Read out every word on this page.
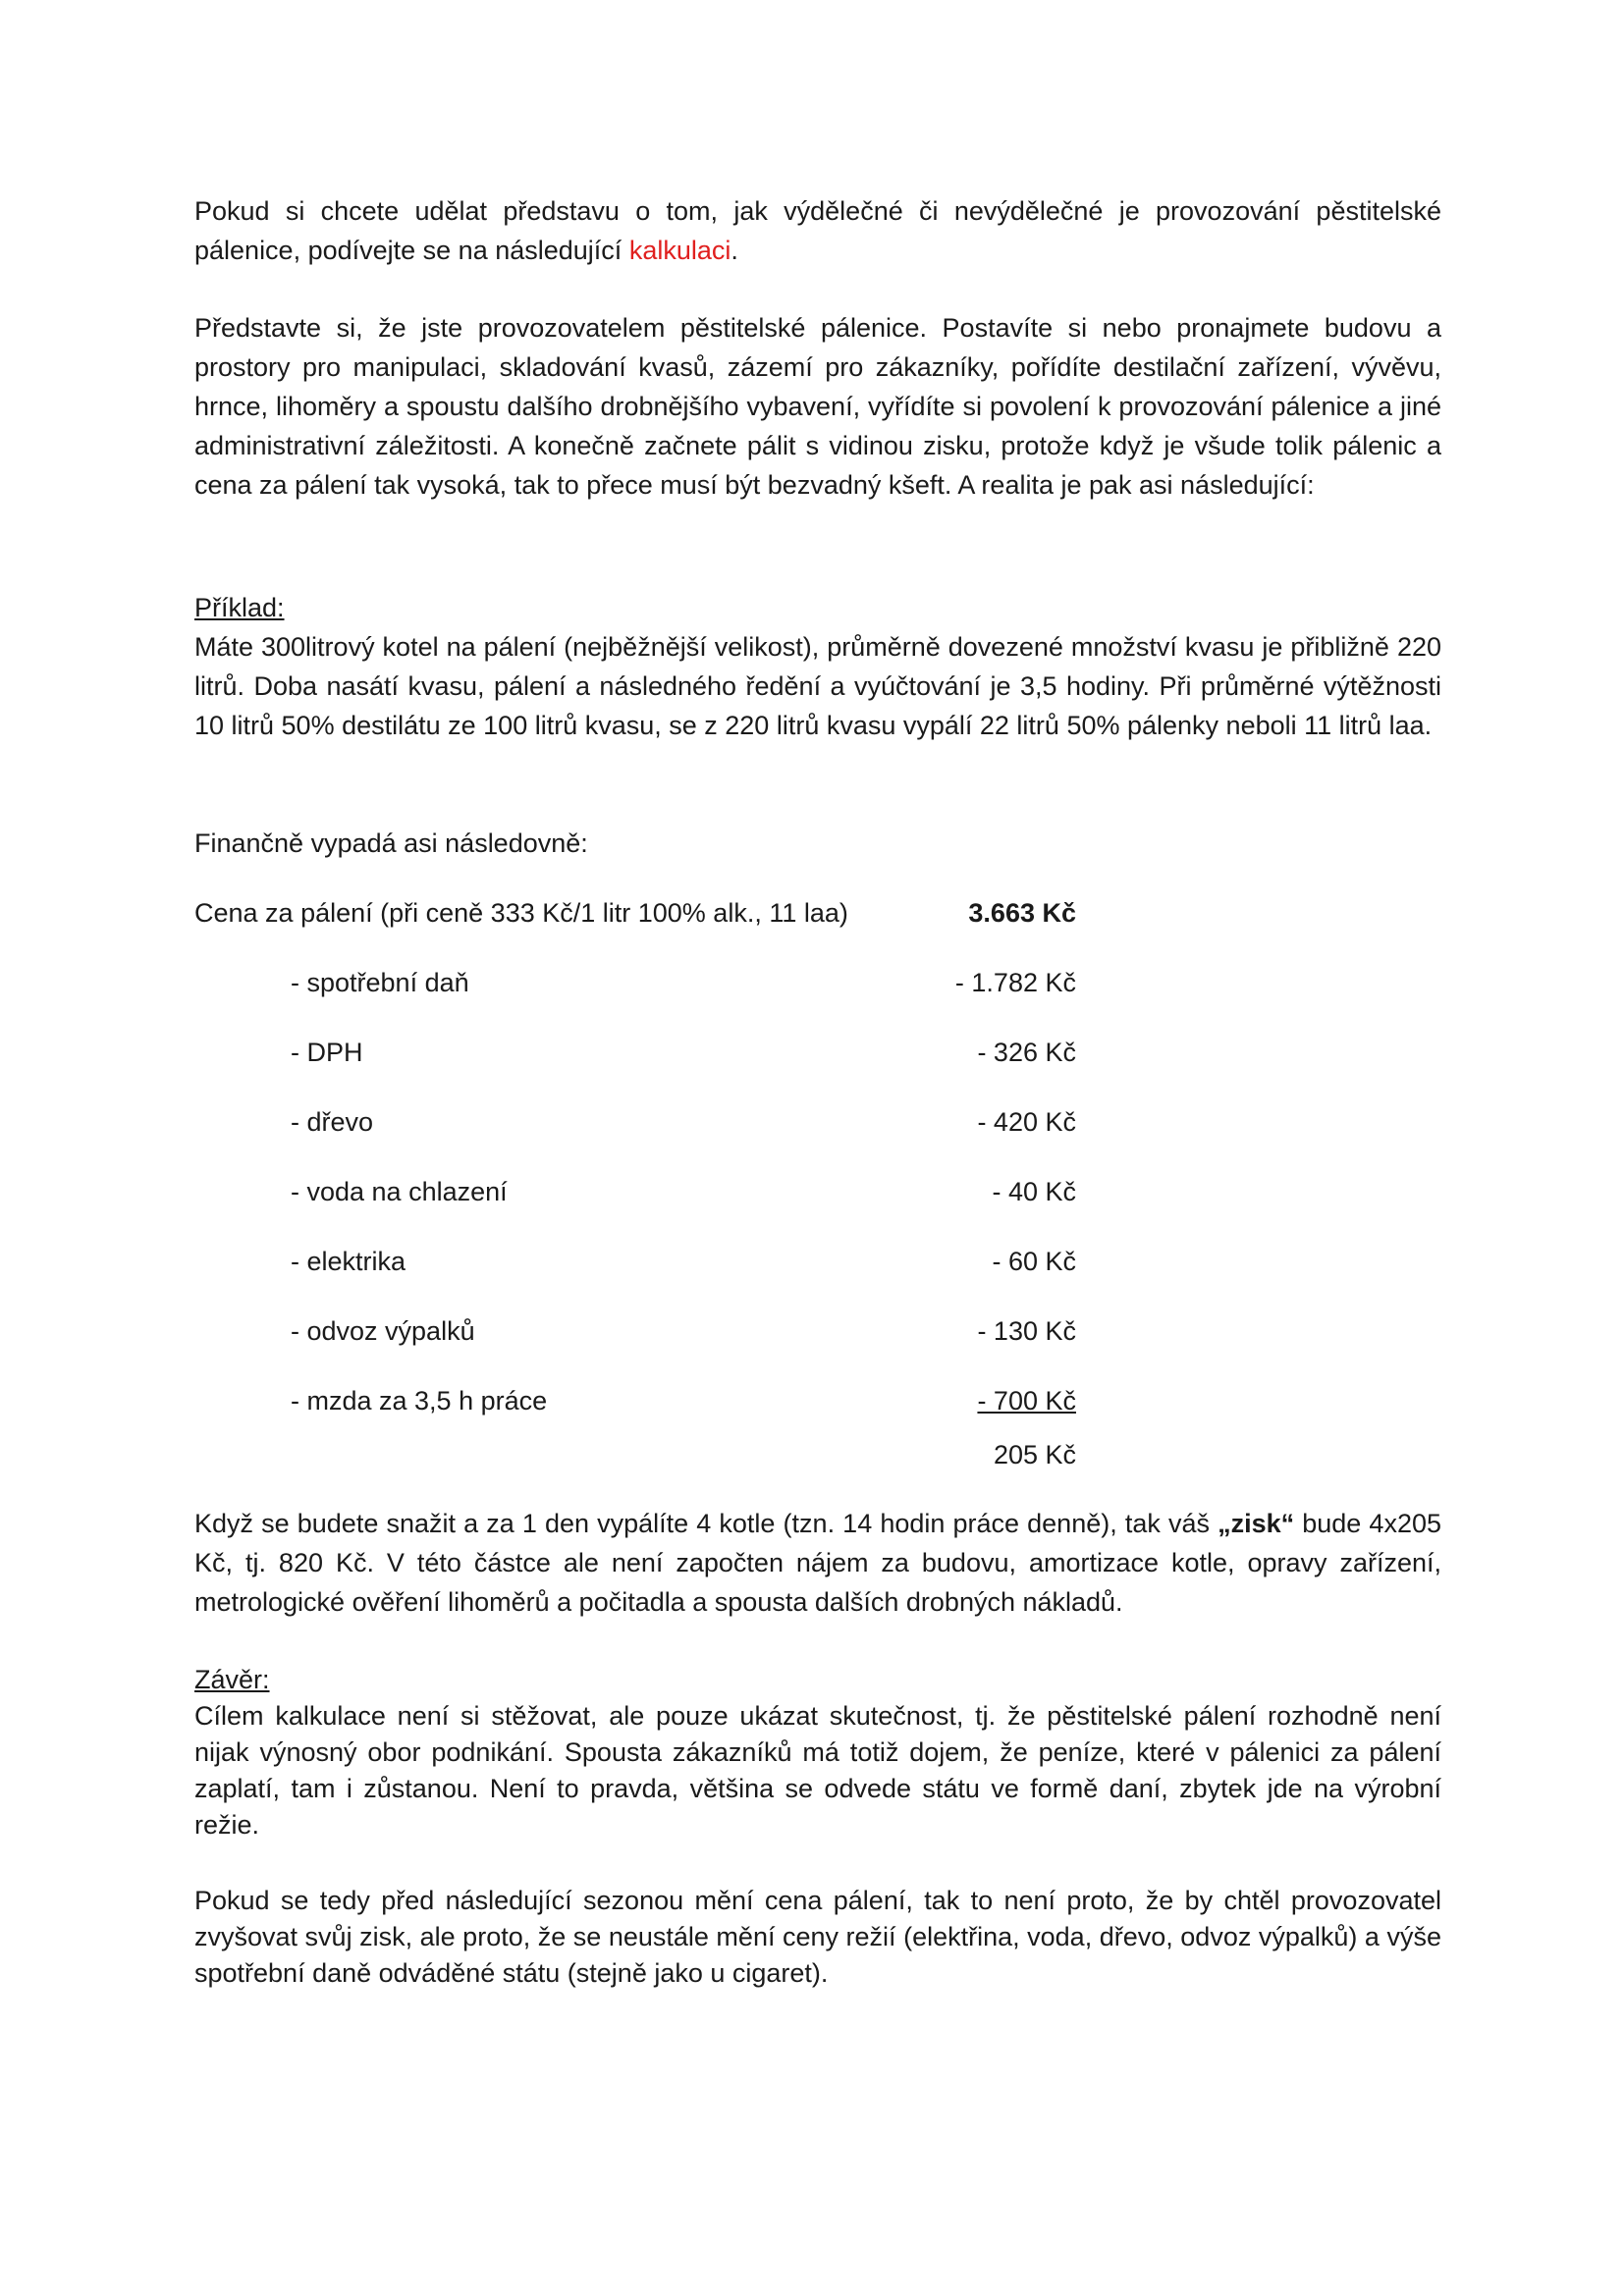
Pokud si chcete udělat představu o tom, jak výdělečné či nevýdělečné je provozování pěstitelské pálenice, podívejte se na následující kalkulaci.

Představte si, že jste provozovatelem pěstitelské pálenice. Postavíte si nebo pronajmete budovu a prostory pro manipulaci, skladování kvasů, zázemí pro zákazníky, pořídíte destilační zařízení, vývěvu, hrnce, lihoměry a spoustu dalšího drobnějšího vybavení, vyřídíte si povolení k provozování pálenice a jiné administrativní záležitosti. A konečně začnete pálit s vidinou zisku, protože když je všude tolik pálenic a cena za pálení tak vysoká, tak to přece musí být bezvadný kšeft. A realita je pak asi následující:

Příklad:

Máte 300litrový kotel na pálení (nejběžnější velikost), průměrně dovezené množství kvasu je přibližně 220 litrů. Doba nasátí kvasu, pálení a následného ředění a vyúčtování je 3,5 hodiny. Při průměrné výtěžnosti 10 litrů 50% destilátu ze 100 litrů kvasu, se z 220 litrů kvasu vypálí 22 litrů 50% pálenky neboli 11 litrů laa.

Finančně vypadá asi následovně:
Cena za pálení (při ceně 333 Kč/1 litr 100% alk., 11 laa)	3.663 Kč
- spotřební daň	- 1.782 Kč
- DPH	- 326 Kč
- dřevo	- 420 Kč
- voda na chlazení	- 40 Kč
- elektrika	- 60 Kč
- odvoz výpalků	- 130 Kč
- mzda za 3,5 h práce	- 700 Kč
205 Kč

Když se budete snažit a za 1 den vypálíte 4 kotle (tzn. 14 hodin práce denně), tak váš „zisk“ bude 4x205 Kč, tj. 820 Kč. V této částce ale není započten nájem za budovu, amortizace kotle, opravy zařízení, metrologické ověření lihoměrů a počitadla a spousta dalších drobných nákladů.

Závěr:

Cílem kalkulace není si stěžovat, ale pouze ukázat skutečnost, tj. že pěstitelské pálení rozhodně není nijak výnosný obor podnikání. Spousta zákazníků má totiž dojem, že peníze, které v pálenici za pálení zaplatí, tam i zůstanou. Není to pravda, většina se odvede státu ve formě daní, zbytek jde na výrobní režie.

Pokud se tedy před následující sezonou mění cena pálení, tak to není proto, že by chtěl provozovatel zvyšovat svůj zisk, ale proto, že se neustále mění ceny režií (elektřina, voda, dřevo, odvoz výpalků) a výše spotřební daně odváděné státu (stejně jako u cigaret).
